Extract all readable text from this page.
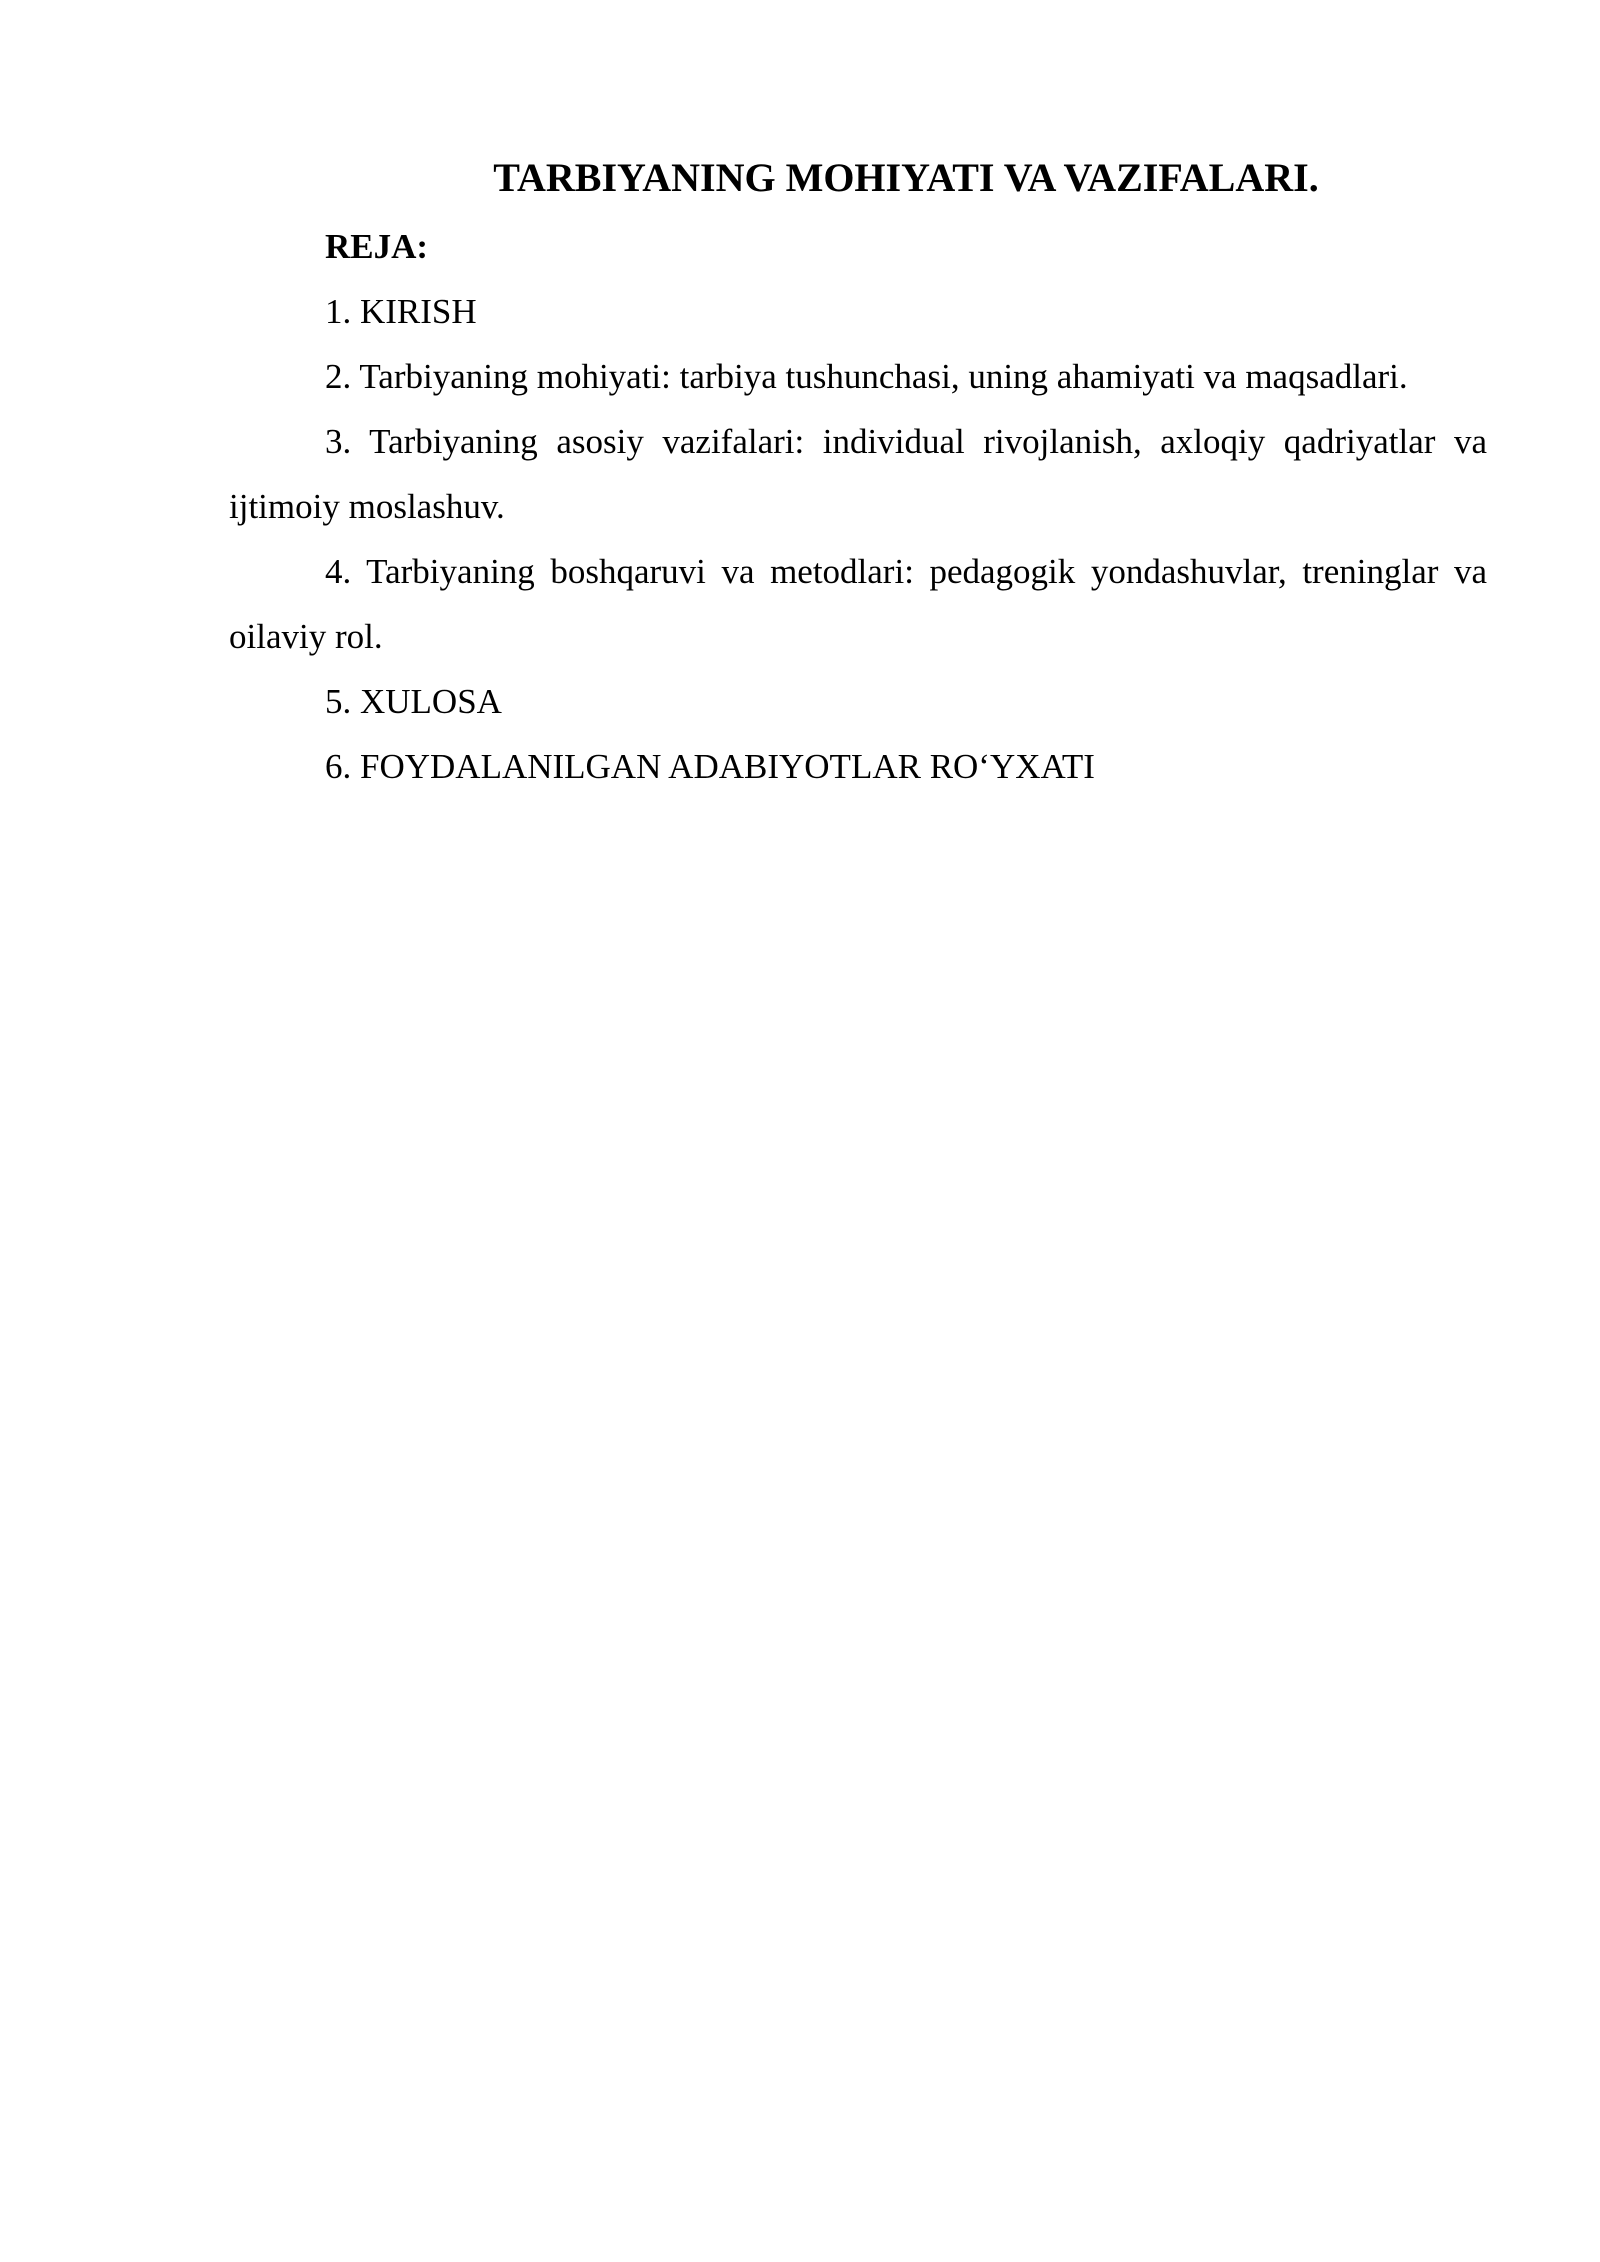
TARBIYANING MOHIYATI VA VAZIFALARI.

REJA:

1. KIRISH
2. Tarbiyaning mohiyati: tarbiya tushunchasi, uning ahamiyati va maqsadlari.
3. Tarbiyaning asosiy vazifalari: individual rivojlanish, axloqiy qadriyatlar va ijtimoiy moslashuv.
4. Tarbiyaning boshqaruvi va metodlari: pedagogik yondashuvlar, treninglar va oilaviy rol.
5. XULOSA
6. FOYDALANILGAN ADABIYOTLAR RO‘YXATI
